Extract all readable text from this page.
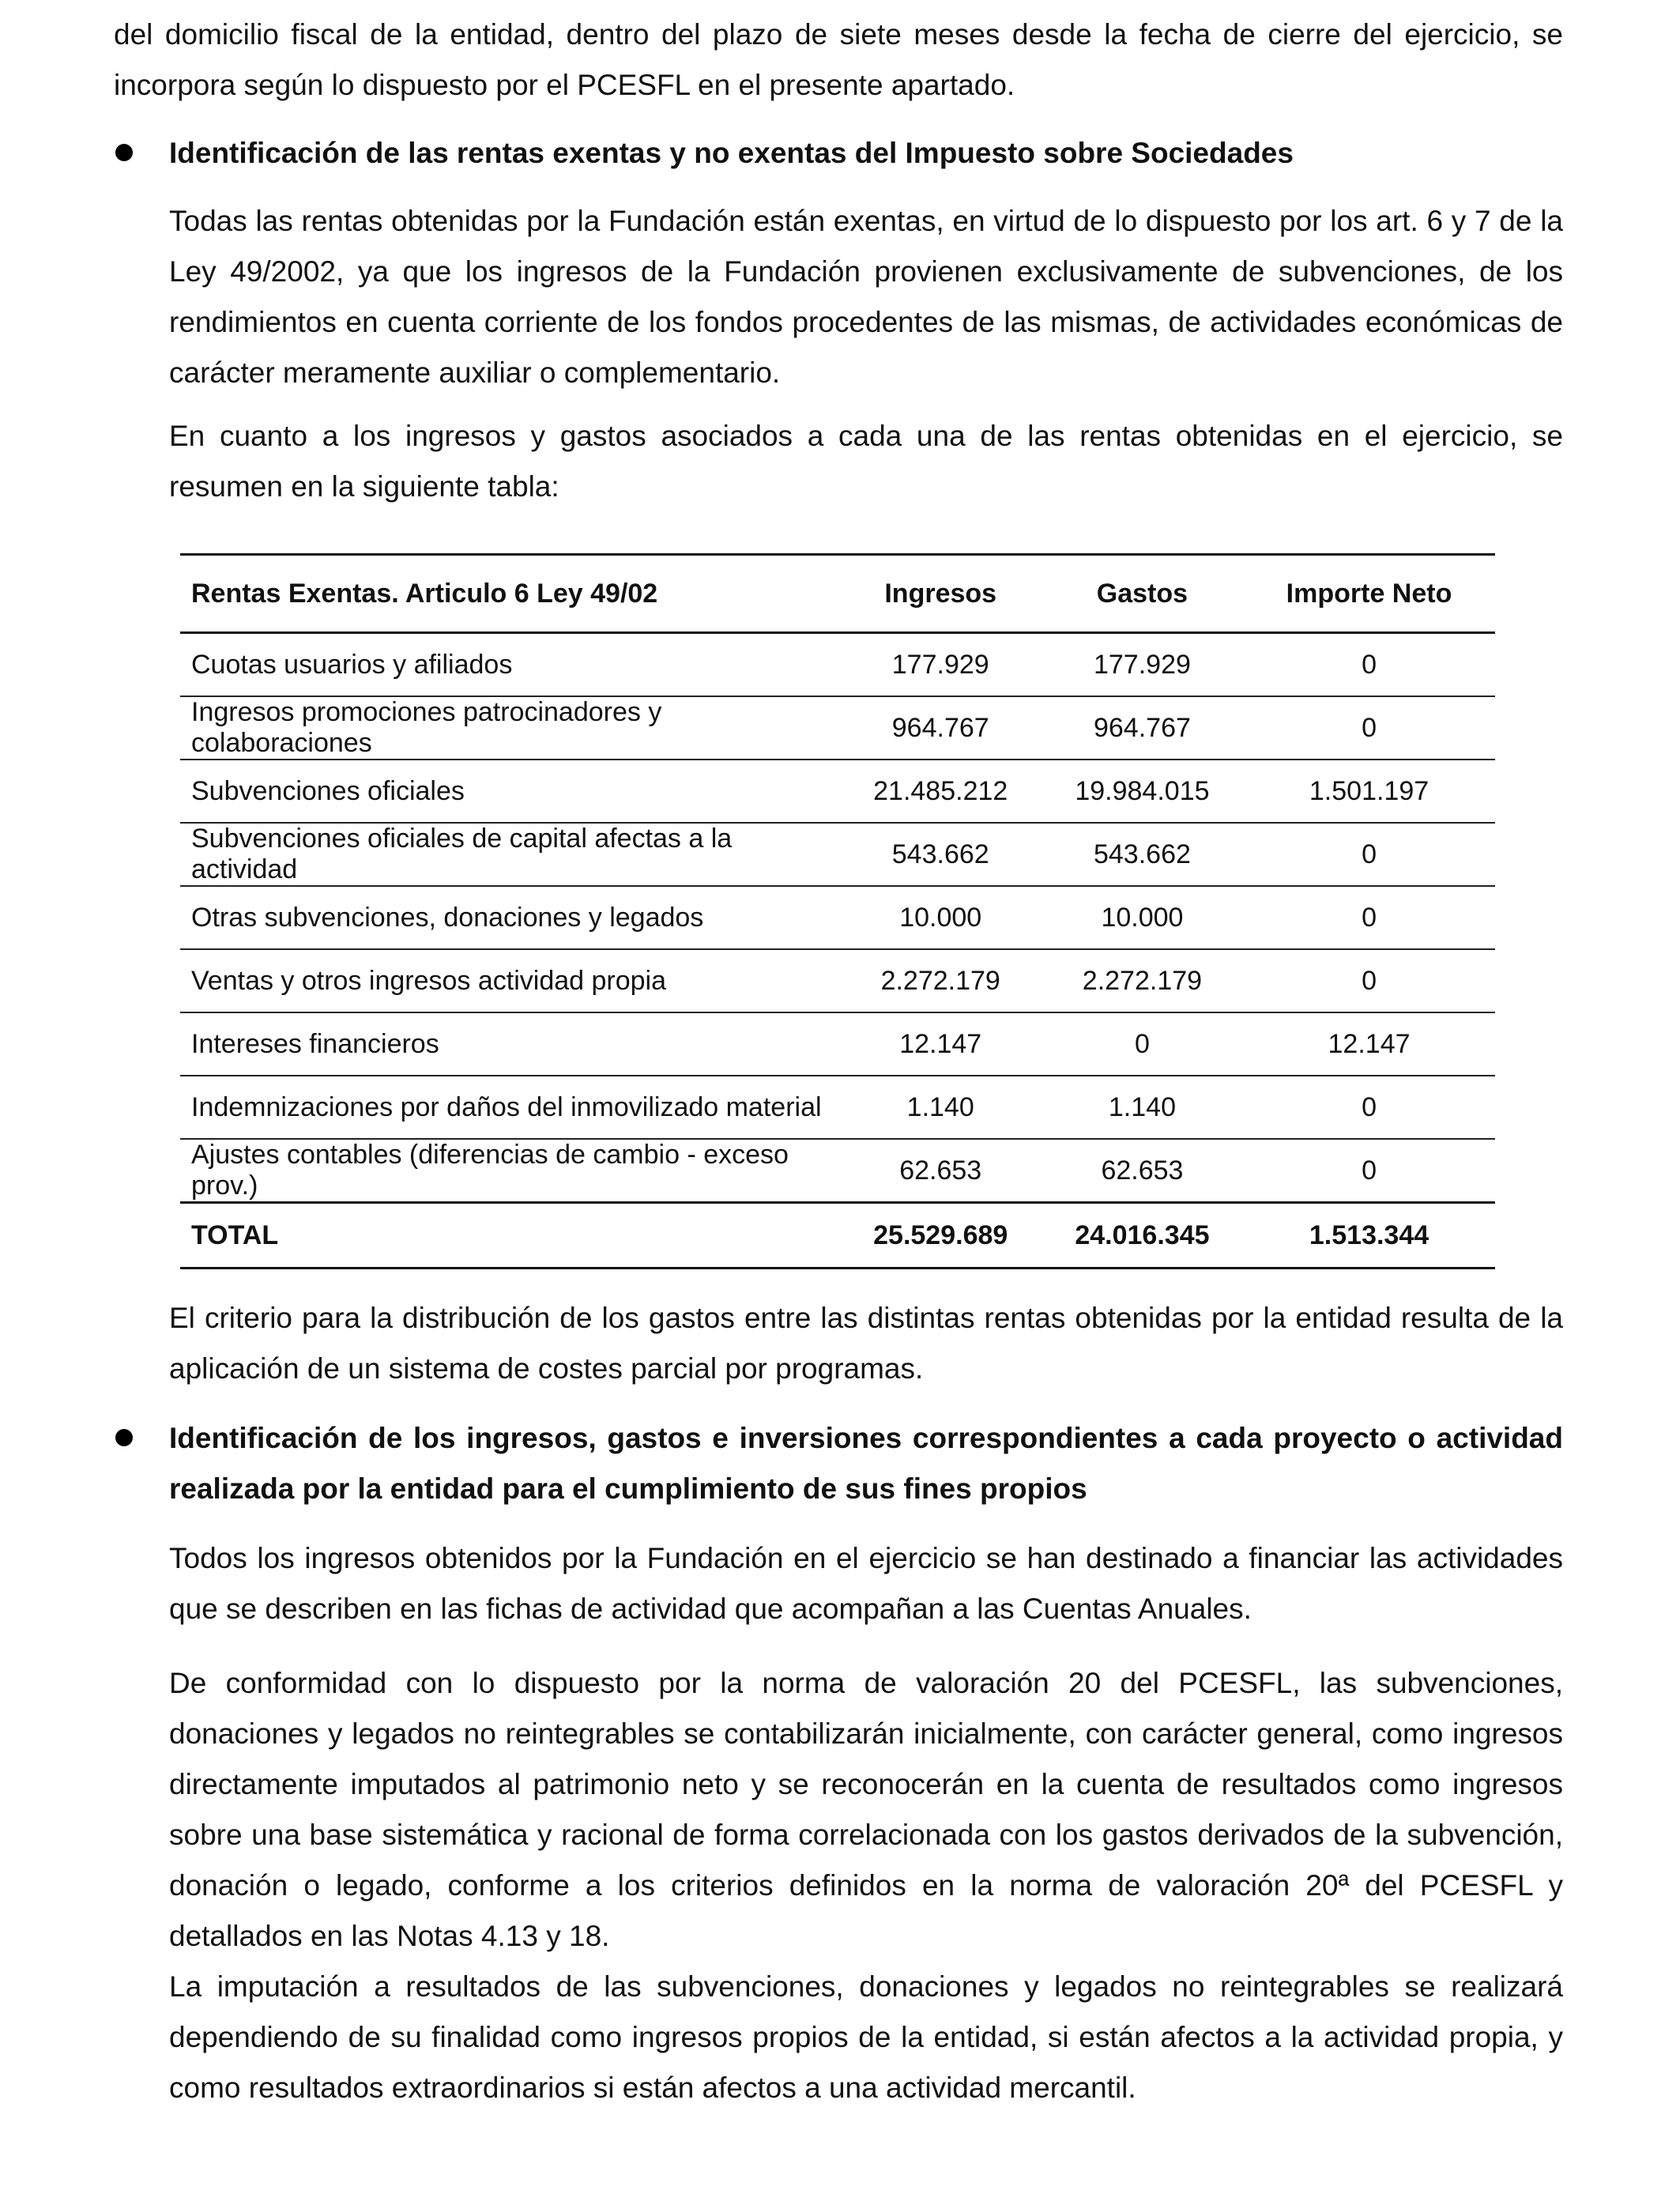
del domicilio fiscal de la entidad, dentro del plazo de siete meses desde la fecha de cierre del ejercicio, se incorpora según lo dispuesto por el PCESFL en el presente apartado.

Identificación de las rentas exentas y no exentas del Impuesto sobre Sociedades

Todas las rentas obtenidas por la Fundación están exentas, en virtud de lo dispuesto por los art. 6 y 7 de la Ley 49/2002, ya que los ingresos de la Fundación provienen exclusivamente de subvenciones, de los rendimientos en cuenta corriente de los fondos procedentes de las mismas, de actividades económicas de carácter meramente auxiliar o complementario.

En cuanto a los ingresos y gastos asociados a cada una de las rentas obtenidas en el ejercicio, se resumen en la siguiente tabla:

Rentas Exentas. Articulo 6 Ley 49/02	Ingresos	Gastos	Importe Neto
Cuotas usuarios y afiliados	177.929	177.929	0
Ingresos promociones patrocinadores y colaboraciones	964.767	964.767	0
Subvenciones oficiales	21.485.212	19.984.015	1.501.197
Subvenciones oficiales de capital afectas a la actividad	543.662	543.662	0
Otras subvenciones, donaciones y legados	10.000	10.000	0
Ventas y otros ingresos actividad propia	2.272.179	2.272.179	0
Intereses financieros	12.147	0	12.147
Indemnizaciones por daños del inmovilizado material	1.140	1.140	0
Ajustes contables (diferencias de cambio - exceso prov.)	62.653	62.653	0
TOTAL	25.529.689	24.016.345	1.513.344

El criterio para la distribución de los gastos entre las distintas rentas obtenidas por la entidad resulta de la aplicación de un sistema de costes parcial por programas.

Identificación de los ingresos, gastos e inversiones correspondientes a cada proyecto o actividad realizada por la entidad para el cumplimiento de sus fines propios

Todos los ingresos obtenidos por la Fundación en el ejercicio se han destinado a financiar las actividades que se describen en las fichas de actividad que acompañan a las Cuentas Anuales.

De conformidad con lo dispuesto por la norma de valoración 20 del PCESFL, las subvenciones, donaciones y legados no reintegrables se contabilizarán inicialmente, con carácter general, como ingresos directamente imputados al patrimonio neto y se reconocerán en la cuenta de resultados como ingresos sobre una base sistemática y racional de forma correlacionada con los gastos derivados de la subvención, donación o legado, conforme a los criterios definidos en la norma de valoración 20ª del PCESFL y detallados en las Notas 4.13 y 18.

La imputación a resultados de las subvenciones, donaciones y legados no reintegrables se realizará dependiendo de su finalidad como ingresos propios de la entidad, si están afectos a la actividad propia, y como resultados extraordinarios si están afectos a una actividad mercantil.
